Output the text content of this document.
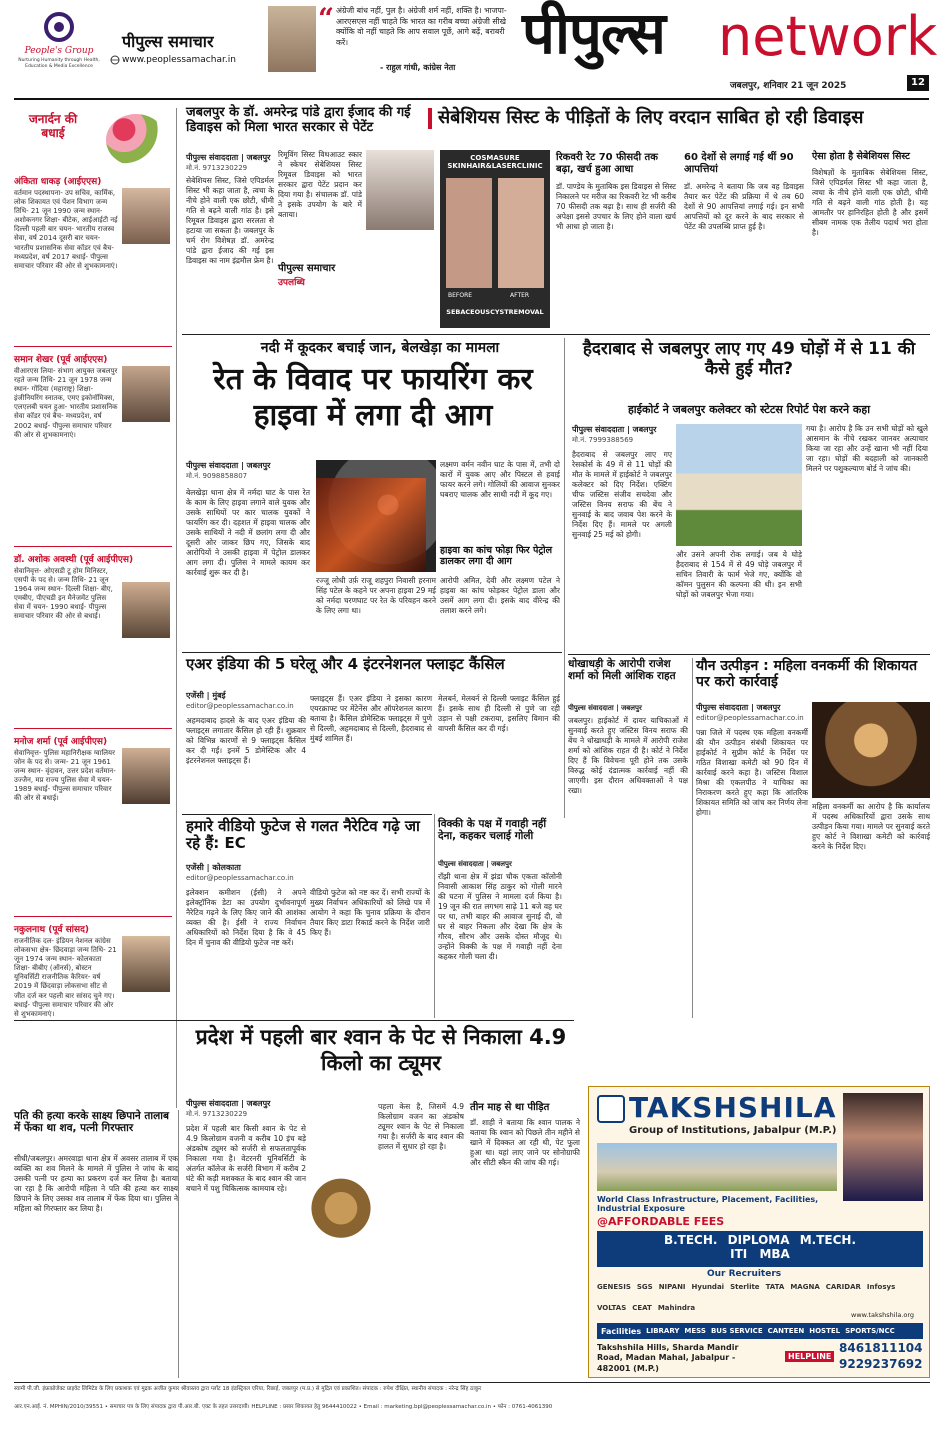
People's Group
Nurturing Humanity through Health, Education & Media Excellence
पीपुल्स समाचार
www.peoplessamachar.in
“ अंग्रेजी बांध नहीं, पुल है। अंग्रेजी शर्म नहीं, शक्ति है। भाजपा-आरएसएस नहीं चाहते कि भारत का गरीब बच्चा अंग्रेजी सीखे क्योंकि वो नहीं चाहते कि आप सवाल पूछें, आगे बढ़ें, बराबरी करें।
- राहुल गांधी, कांग्रेस नेता
पीपुल्स network
जबलपुर, शनिवार 21 जून 2025	12
जनार्दन की बधाई
अंकिता धाकड़ (आईएएस)
वर्तमान पदस्थापना- उप सचिव, कार्मिक, लोक शिकायत एवं पेंशन विभाग जन्म तिथि- 21 जून 1990 जन्म स्थान- अशोकनगर शिक्षा- बीटेक, आईआईटी नई दिल्ली पहली बार चयन- भारतीय राजस्व सेवा, वर्ष 2014 दूसरी बार चयन- भारतीय प्रशासनिक सेवा कॉडर एवं बैच- मध्यप्रदेश, वर्ष 2017 बधाई- पीपुल्स समाचार परिवार की ओर से शुभकामनाएं।
समान शेखर (पूर्व आईएएस)
वीआरएस लिया- संभाग आयुक्त जबलपुर रहते जन्म तिथि- 21 जून 1978 जन्म स्थान- गोंदिया (महाराष्ट्र) शिक्षा- इंजीनियरिंग स्नातक, एमए इकोनॉमिक्स, एलएलबी चयन हुआ- भारतीय प्रशासनिक सेवा कॉडर एवं बैच- मध्यप्रदेश, वर्ष 2002 बधाई- पीपुल्स समाचार परिवार की ओर से शुभकामनाएं।
डॉ. अशोक अवस्थी (पूर्व आईपीएस)
सेवानिवृत्त- ओएसडी टू होम मिनिस्टर, एसपी के पद से। जन्म तिथि- 21 जून 1964 जन्म स्थान- दिल्ली शिक्षा- बीए, एमबीए, पीएचडी इन मैनेजमेंट पुलिस सेवा में चयन- 1990 बधाई- पीपुल्स समाचार परिवार की ओर से बधाई।
मनोज शर्मा (पूर्व आईपीएस)
सेवानिवृत्त- पुलिस महानिरीक्षक ग्वालियर जोन के पद से। जन्म- 21 जून 1961 जन्म स्थान- वृंदावन, उत्तर प्रदेश वर्तमान- उज्जैन, मप्र राज्य पुलिस सेवा में चयन- 1989 बधाई- पीपुल्स समाचार परिवार की ओर से बधाई।
नकुलनाथ (पूर्व सांसद)
राजनीतिक दल- इंडियन नेशनल कांग्रेस लोकसभा क्षेत्र- छिंदवाड़ा जन्म तिथि- 21 जून 1974 जन्म स्थान- कोलकाता शिक्षा- बीबीए (ऑनर्स), बोस्टन यूनिवर्सिटी राजनीतिक कैरियर- वर्ष 2019 में छिंदवाड़ा लोकसभा सीट से जीत दर्ज कर पहली बार सांसद चुने गए। बधाई- पीपुल्स समाचार परिवार की ओर से शुभकामनाएं।
जबलपुर के डॉ. अमरेन्द्र पांडे द्वारा ईजाद की गई डिवाइस को मिला भारत सरकार से पेटेंट	सेबेशियस सिस्ट के पीड़ितों के लिए वरदान साबित हो रही डिवाइस
पीपुल्स संवाददाता | जबलपुर
मो.नं. 9713230229
सेबेशियस सिस्ट, जिसे एपिडर्मल सिस्ट भी कहा जाता है, त्वचा के नीचे होने वाली एक छोटी, धीमी गति से बढ़ने वाली गांठ है। इसे रिमूवल डिवाइस द्वारा सरलता से हटाया जा सकता है। जबलपुर के चर्म रोग विशेषज्ञ डॉ. अमरेन्द्र पांडे द्वारा ईजाद की गई इस डिवाइस का नाम इंद्रमौल फ्रेम है।
रिमूविंग सिस्ट विथआउट स्कार ने स्केचर सेबेशियस सिस्ट रिमूवल डिवाइस को भारत सरकार द्वारा पेटेंट प्रदान कर दिया गया है। संचालक डॉ. पांडे ने इसके उपयोग के बारे में बताया।
पीपुल्स समाचार
उपलब्धि
COSMASURE SKINHAIR&LASERCLINIC
BEFORE	AFTER
SEBACEOUSCYSTREMOVAL
रिकवरी रेट 70 फीसदी तक बढ़ा, खर्च हुआ आधा
डॉ. पाण्डेय के मुताबिक इस डिवाइस से सिस्ट निकालने पर मरीज का रिकवरी रेट भी करीब 70 फीसदी तक बढ़ा है। साथ ही सर्जरी की अपेक्षा इससे उपचार के लिए होने वाला खर्च भी आधा हो जाता है।
60 देशों से लगाई गई थीं 90 आपत्तियां
डॉ. अमरेन्द्र ने बताया कि जब वह डिवाइस तैयार कर पेटेंट की प्रक्रिया में थे तब 60 देशों से 90 आपत्तियां लगाई गई। इन सभी आपत्तियों को दूर करने के बाद सरकार से पेटेंट की उपलब्धि प्राप्त हुई है।
ऐसा होता है सेबेशियस सिस्ट
विशेषज्ञों के मुताबिक सेबेशियस सिस्ट, जिसे एपिडर्मल सिस्ट भी कहा जाता है, त्वचा के नीचे होने वाली एक छोटी, धीमी गति से बढ़ने वाली गांठ होती है। यह आमतौर पर हानिरहित होती है और इसमें सीबम नामक एक तैलीय पदार्थ भरा होता है।
नदी में कूदकर बचाई जान, बेलखेड़ा का मामला
रेत के विवाद पर फायरिंग कर हाइवा में लगा दी आग
पीपुल्स संवाददाता | जबलपुर
मो.नं. 9098858807
बेलखेड़ा थाना क्षेत्र में नर्मदा घाट के पास रेत के काम के लिए हाइवा लगाने वाले युवक और उसके साथियों पर कार चालक युवकों ने फायरिंग कर दी। दहशत में हाइवा चालक और उसके साथियों ने नदी में छलांग लगा दी और दूसरी ओर जाकर छिप गए, जिसके बाद आरोपियों ने उसकी हाइवा में पेट्रोल डालकर आग लगा दी। पुलिस ने मामले कायम कर कार्रवाई शुरू कर दी है।
रज्जू लोधी उर्फ़ राजू शहपुरा निवासी हरनाम सिंह पटेल के कहने पर अपना हाइवा 29 मई को नर्मदा चरणघाट पर रेत के परिवहन करने के लिए लगा था।
लक्ष्मण वर्मन नवीन घाट के पास में, तभी दो कारों में युवक आए और पिस्टल से हवाई फायर करने लगे। गोलियों की आवाज सुनकर घबराए चालक और साथी नदी में कूद गए।
हाइवा का कांच फोड़ा फिर पेट्रोल डालकर लगा दी आग
आरोपी अमित, देवी और लक्ष्मण पटेल ने हाइवा का कांच फोड़कर पेट्रोल डाला और उसमें आग लगा दी। इसके बाद वीरेन्द्र की तलाश करने लगे।
हैदराबाद से जबलपुर लाए गए 49 घोड़ों में से 11 की कैसे हुई मौत?
हाईकोर्ट ने जबलपुर कलेक्टर को स्टेटस रिपोर्ट पेश करने कहा
पीपुल्स संवाददाता | जबलपुर
मो.नं. 7999388569
हैदराबाद से जबलपुर लाए गए रेसकोर्स के 49 में से 11 घोड़ों की मौत के मामले में हाईकोर्ट ने जबलपुर कलेक्टर को दिए निर्देश। एक्टिंग चीफ जस्टिस संजीव सचदेवा और जस्टिस विनय सराफ की बेंच ने सुनवाई के बाद जवाब पेश करने के निर्देश दिए हैं। मामले पर अगली सुनवाई 25 मई को होगी।
और उसने अपनी रोक लगाई। जब ये घोड़े हैदराबाद से 154 में से 49 घोड़े जबलपुर में सचिन तिवारी के फार्म भेजे गए, क्योंकि वो कॉमन पुलुसन की कल्पना की थी। इन सभी घोड़ों को जबलपुर भेजा गया।
गया है। आरोप है कि उन सभी घोड़ों को खुले आसमान के नीचे रखकर जानवर अत्याचार किया जा रहा और उन्हें खाना भी नहीं दिया जा रहा। घोड़ों की बदहाली को जानकारी मिलने पर पशुकल्याण बोर्ड ने जांच की।
एअर इंडिया की 5 घरेलू और 4 इंटरनेशनल फ्लाइट कैंसिल
एजेंसी | मुंबई
editor@peoplessamachar.co.in
अहमदाबाद हादसे के बाद एअर इंडिया की फ्लाइट्स लगातार कैंसिल हो रही हैं। शुक्रवार को विभिन्न कारणों से 9 फ्लाइट्स कैंसिल कर दी गईं। इनमें 5 डोमेस्टिक और 4 इंटरनेशनल फ्लाइट्स हैं।
फ्लाइट्स हैं। एअर इंडिया ने इसका कारण एयरक्राफ्ट पर मेंटेनेंस और ऑपरेशनल कारण बताया है। कैंसिल डोमेस्टिक फ्लाइट्स में पुणे से दिल्ली, अहमदाबाद से दिल्ली, हैदराबाद से मुंबई शामिल हैं।
मेलबर्न, मेलबर्न से दिल्ली फ्लाइट कैंसिल हुई हैं। इसके साथ ही दिल्ली से पुणे जा रही उड़ान से पक्षी टकराया, इसलिए विमान की वापसी कैंसिल कर दी गई।
हमारे वीडियो फुटेज से गलत नैरेटिव गढ़े जा रहे हैं: EC
एजेंसी | कोलकाता
editor@peoplessamachar.co.in
इलेक्शन कमीशन (ईसी) ने अपने इलेक्ट्रॉनिक डेटा का उपयोग दुर्भावनापूर्ण नैरेटिव गढ़ने के लिए किए जाने की आशंका व्यक्त की है। ईसी ने राज्य निर्वाचन अधिकारियों को निर्देश दिया है कि वे 45 दिन में चुनाव की वीडियो फुटेज नष्ट करें।
वीडियो फुटेज को नष्ट कर दें। सभी राज्यों के मुख्य निर्वाचन अधिकारियों को लिखे पत्र में आयोग ने कहा कि चुनाव प्रक्रिया के दौरान तैयार किए डाटा रिकार्ड करने के निर्देश जारी किए हैं।
विक्की के पक्ष में गवाही नहीं देना, कहकर चलाई गोली
पीपुल्स संवाददाता | जबलपुर
राँझी थाना क्षेत्र में झंडा चौक एकता कॉलोनी निवासी आकाश सिंह ठाकुर को गोली मारने की घटना में पुलिस ने मामला दर्ज किया है। 19 जून की रात लगभग साढ़े 11 बजे वह घर पर था, तभी बाहर की आवाज सुनाई दी, वो घर से बाहर निकला और देखा कि क्षेत्र के गौरव, सौरभ और उसके दोस्त मौजूद थे। उन्होंने विक्की के पक्ष में गवाही नहीं देना कहकर गोली चला दी।
धोखाधड़ी के आरोपी राजेश शर्मा को मिली आंशिक राहत
पीपुल्स संवाददाता | जबलपुर
जबलपुर। हाईकोर्ट में दायर याचिकाओं में सुनवाई करते हुए जस्टिस विनय सराफ की बेंच ने धोखाधड़ी के मामले में आरोपी राजेश शर्मा को आंशिक राहत दी है। कोर्ट ने निर्देश दिए हैं कि विवेचना पूरी होने तक उसके विरुद्ध कोई दंडात्मक कार्रवाई नहीं की जाएगी। इस दौरान अधिवक्ताओं ने पक्ष रखा।
यौन उत्पीड़न : महिला वनकर्मी की शिकायत पर करो कार्रवाई
पीपुल्स संवाददाता | जबलपुर
editor@peoplessamachar.co.in
पन्ना जिले में पदस्थ एक महिला वनकर्मी की यौन उत्पीड़न संबंधी शिकायत पर हाईकोर्ट ने सुप्रीम कोर्ट के निर्देश पर गठित विशाखा कमेटी को 90 दिन में कार्रवाई करने कहा है। जस्टिस विशाल मिश्रा की एकलपीठ ने याचिका का निराकरण करते हुए कहा कि आंतरिक शिकायत समिति को जांच कर निर्णय लेना होगा।
महिला वनकर्मी का आरोप है कि कार्यालय में पदस्थ अधिकारियों द्वारा उसके साथ उत्पीड़न किया गया। मामले पर सुनवाई करते हुए कोर्ट ने विशाखा कमेटी को कार्रवाई करने के निर्देश दिए।
प्रदेश में पहली बार श्वान के पेट से निकाला 4.9 किलो का ट्यूमर
पीपुल्स संवाददाता | जबलपुर
मो.नं. 9713230229
प्रदेश में पहली बार किसी श्वान के पेट से 4.9 किलोग्राम वजनी व करीब 10 इंच बड़े अंडकोष ट्यूमर को सर्जरी से सफलतापूर्वक निकाला गया है। वेटरनरी यूनिवर्सिटी के अंतर्गत कॉलेज के सर्जरी विभाग में करीब 2 घंटे की कड़ी मशक्कत के बाद श्वान की जान बचाने में पशु चिकित्सक कामयाब रहे।
पहला केस है, जिसमें 4.9 किलोग्राम वजन का अंडकोष ट्यूमर श्वान के पेट से निकाला गया है। सर्जरी के बाद श्वान की हालत में सुधार हो रहा है।
तीन माह से था पीड़ित
डॉ. शाही ने बताया कि श्वान पालक ने बताया कि श्वान को पिछले तीन महीने से खाने में दिक्कत आ रही थी, पेट फूला हुआ था। यहां लाए जाने पर सोनोग्राफी और सीटी स्कैन की जांच की गई।
पति की हत्या करके साक्ष्य छिपाने तालाब में फेंका था शव, पत्नी गिरफ्तार
सीधी/जबलपुर। अमरवाड़ा थाना क्षेत्र में अवसर तालाब में एक व्यक्ति का शव मिलने के मामले में पुलिस ने जांच के बाद उसकी पत्नी पर हत्या का प्रकरण दर्ज कर लिया है। बताया जा रहा है कि आरोपी महिला ने पति की हत्या कर साक्ष्य छिपाने के लिए उसका शव तालाब में फेंक दिया था। पुलिस ने महिला को गिरफ्तार कर लिया है।
TAKSHSHILA
Group of Institutions, Jabalpur (M.P.)
World Class Infrastructure, Placement, Facilities, Industrial Exposure
@AFFORDABLE FEES
B.TECH. DIPLOMA M.TECH.
ITI MBA
Our Recruiters
GENESIS SGS NIPANI Hyundai Sterlite TATA MAGNA CARIDAR Infosys
VOLTAS CEAT Mahindra
Facilities LIBRARY MESS BUS SERVICE CANTEEN HOSTEL SPORTS/NCC
www.takshshila.org
Takshshila Hills, Sharda Mandir Road, Madan Mahal, Jabalpur - 482001 (M.P.)
HELPLINE
8461811104
9229237692
स्वामी पी.जी. इंफ्राप्रोजेक्ट प्राइवेट लिमिटेड के लिए प्रकाशक एवं मुद्रक अजीत कुमार श्रीवास्तव द्वारा प्लॉट 18 इंडस्ट्रियल एरिया, रिछाई, जबलपुर (म.प्र.) से मुद्रित एवं प्रकाशित। संपादक : रुपेश दीक्षित, स्थानीय संपादक : नरेन्द्र सिंह ठाकुर
आर.एन.आई. नं. MPHIN/2010/39551 • समाचार पत्र के लिए संपादक द्वारा पी.आर.बी. एक्ट के तहत उत्तरदायी। HELPLINE : प्रसार शिकायत हेतु 9644410022 • Email : marketing.bpl@peoplessamachar.co.in • फोन : 0761-4061390
